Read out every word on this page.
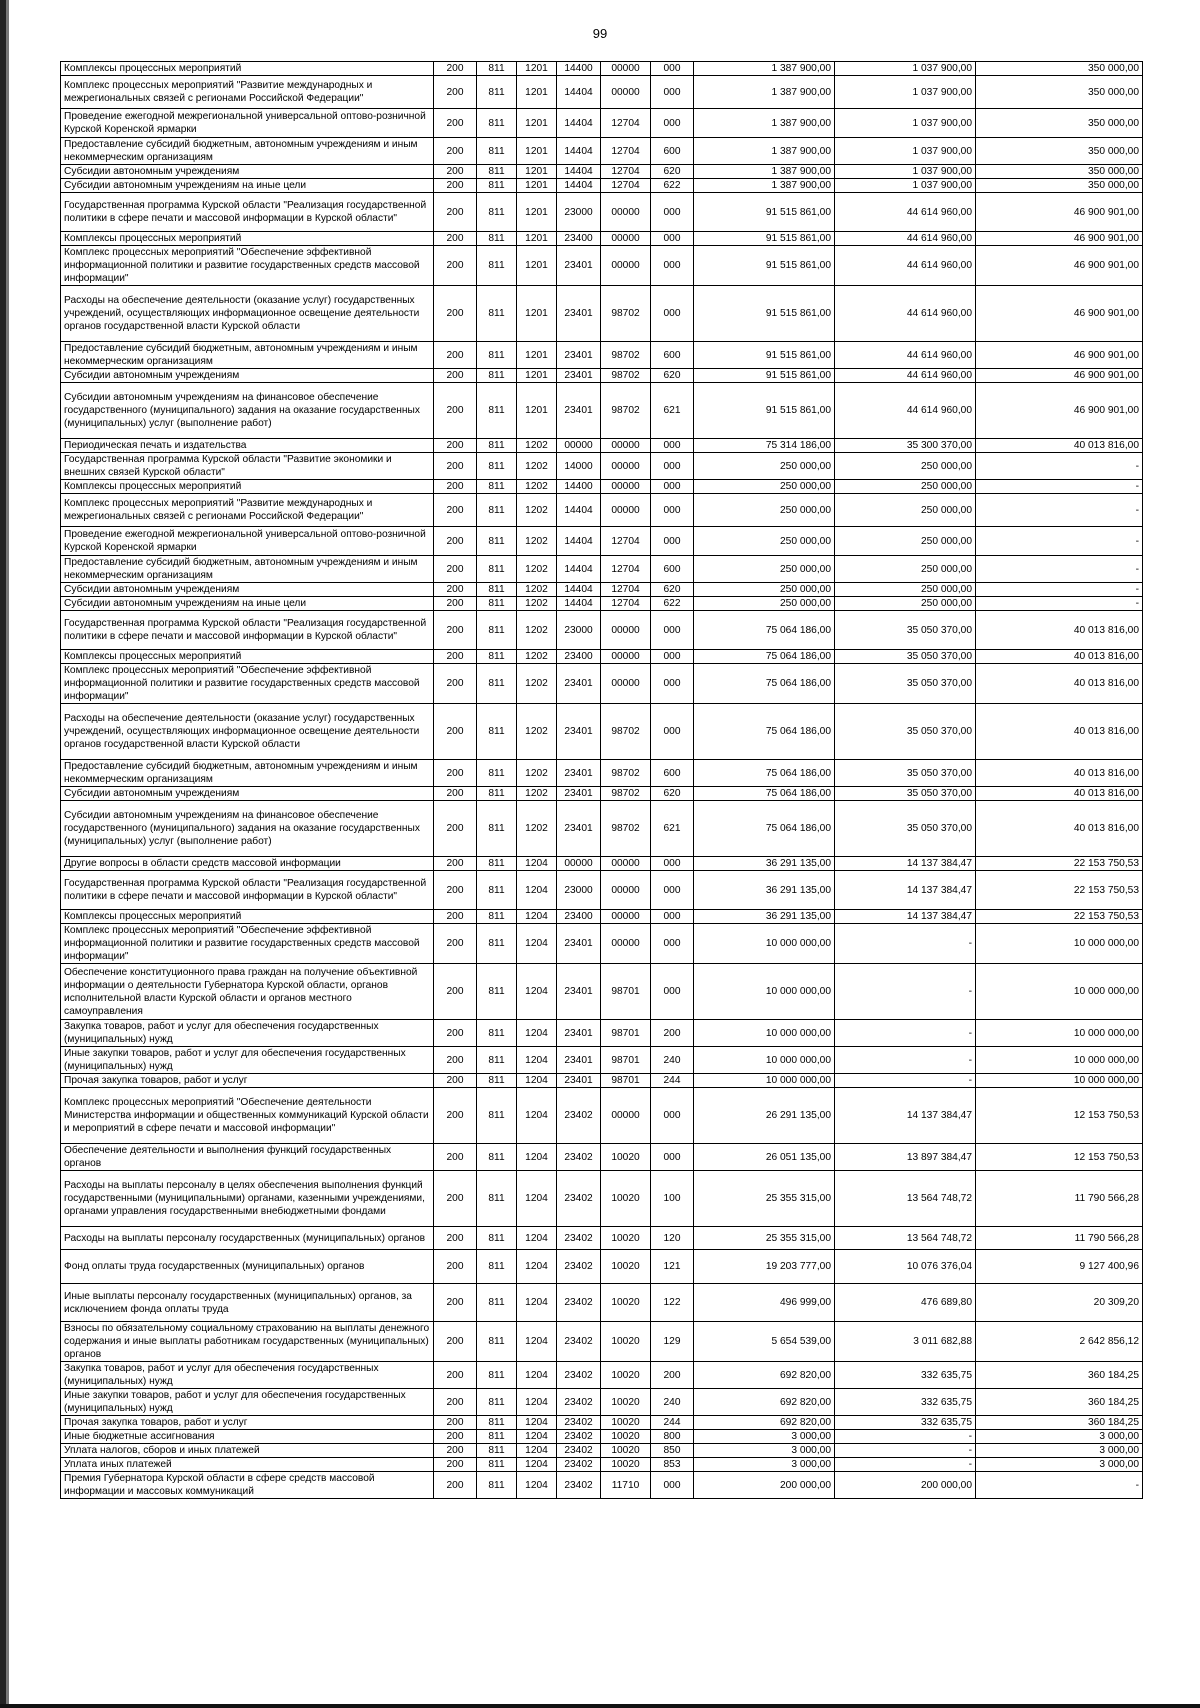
99
Комплексы процессных мероприятий	200	811	1201	14400	00000	000	1 387 900,00	1 037 900,00	350 000,00
Комплекс процессных мероприятий "Развитие международных и межрегиональных связей с регионами Российской Федерации"	200	811	1201	14404	00000	000	1 387 900,00	1 037 900,00	350 000,00
Проведение ежегодной межрегиональной универсальной оптово-розничной Курской Коренской ярмарки	200	811	1201	14404	12704	000	1 387 900,00	1 037 900,00	350 000,00
Предоставление субсидий бюджетным, автономным учреждениям и иным некоммерческим организациям	200	811	1201	14404	12704	600	1 387 900,00	1 037 900,00	350 000,00
Субсидии автономным учреждениям	200	811	1201	14404	12704	620	1 387 900,00	1 037 900,00	350 000,00
Субсидии автономным учреждениям на иные цели	200	811	1201	14404	12704	622	1 387 900,00	1 037 900,00	350 000,00
Государственная программа Курской области "Реализация государственной политики в сфере печати и массовой информации в Курской области"	200	811	1201	23000	00000	000	91 515 861,00	44 614 960,00	46 900 901,00
Комплексы процессных мероприятий	200	811	1201	23400	00000	000	91 515 861,00	44 614 960,00	46 900 901,00
Комплекс процессных мероприятий "Обеспечение эффективной информационной политики и развитие государственных средств массовой информации"	200	811	1201	23401	00000	000	91 515 861,00	44 614 960,00	46 900 901,00
Расходы на обеспечение деятельности (оказание услуг) государственных учреждений, осуществляющих информационное освещение деятельности органов государственной власти Курской области	200	811	1201	23401	98702	000	91 515 861,00	44 614 960,00	46 900 901,00
Предоставление субсидий бюджетным, автономным учреждениям и иным некоммерческим организациям	200	811	1201	23401	98702	600	91 515 861,00	44 614 960,00	46 900 901,00
Субсидии автономным учреждениям	200	811	1201	23401	98702	620	91 515 861,00	44 614 960,00	46 900 901,00
Субсидии автономным учреждениям на финансовое обеспечение государственного (муниципального) задания на оказание государственных (муниципальных) услуг (выполнение работ)	200	811	1201	23401	98702	621	91 515 861,00	44 614 960,00	46 900 901,00
Периодическая печать и издательства	200	811	1202	00000	00000	000	75 314 186,00	35 300 370,00	40 013 816,00
Государственная программа Курской области "Развитие экономики и внешних связей Курской области"	200	811	1202	14000	00000	000	250 000,00	250 000,00	-
Комплексы процессных мероприятий	200	811	1202	14400	00000	000	250 000,00	250 000,00	-
Комплекс процессных мероприятий "Развитие международных и межрегиональных связей с регионами Российской Федерации"	200	811	1202	14404	00000	000	250 000,00	250 000,00	-
Проведение ежегодной межрегиональной универсальной оптово-розничной Курской Коренской ярмарки	200	811	1202	14404	12704	000	250 000,00	250 000,00	-
Предоставление субсидий бюджетным, автономным учреждениям и иным некоммерческим организациям	200	811	1202	14404	12704	600	250 000,00	250 000,00	-
Субсидии автономным учреждениям	200	811	1202	14404	12704	620	250 000,00	250 000,00	-
Субсидии автономным учреждениям на иные цели	200	811	1202	14404	12704	622	250 000,00	250 000,00	-
Государственная программа Курской области "Реализация государственной политики в сфере печати и массовой информации в Курской области"	200	811	1202	23000	00000	000	75 064 186,00	35 050 370,00	40 013 816,00
Комплексы процессных мероприятий	200	811	1202	23400	00000	000	75 064 186,00	35 050 370,00	40 013 816,00
Комплекс процессных мероприятий "Обеспечение эффективной информационной политики и развитие государственных средств массовой информации"	200	811	1202	23401	00000	000	75 064 186,00	35 050 370,00	40 013 816,00
Расходы на обеспечение деятельности (оказание услуг) государственных учреждений, осуществляющих информационное освещение деятельности органов государственной власти Курской области	200	811	1202	23401	98702	000	75 064 186,00	35 050 370,00	40 013 816,00
Предоставление субсидий бюджетным, автономным учреждениям и иным некоммерческим организациям	200	811	1202	23401	98702	600	75 064 186,00	35 050 370,00	40 013 816,00
Субсидии автономным учреждениям	200	811	1202	23401	98702	620	75 064 186,00	35 050 370,00	40 013 816,00
Субсидии автономным учреждениям на финансовое обеспечение государственного (муниципального) задания на оказание государственных (муниципальных) услуг (выполнение работ)	200	811	1202	23401	98702	621	75 064 186,00	35 050 370,00	40 013 816,00
Другие вопросы в области средств массовой информации	200	811	1204	00000	00000	000	36 291 135,00	14 137 384,47	22 153 750,53
Государственная программа Курской области "Реализация государственной политики в сфере печати и массовой информации в Курской области"	200	811	1204	23000	00000	000	36 291 135,00	14 137 384,47	22 153 750,53
Комплексы процессных мероприятий	200	811	1204	23400	00000	000	36 291 135,00	14 137 384,47	22 153 750,53
Комплекс процессных мероприятий "Обеспечение эффективной информационной политики и развитие государственных средств массовой информации"	200	811	1204	23401	00000	000	10 000 000,00	-	10 000 000,00
Обеспечение конституционного права граждан на получение объективной информации о деятельности Губернатора Курской области, органов исполнительной власти Курской области и органов местного самоуправления	200	811	1204	23401	98701	000	10 000 000,00	-	10 000 000,00
Закупка товаров, работ и услуг для обеспечения государственных (муниципальных) нужд	200	811	1204	23401	98701	200	10 000 000,00	-	10 000 000,00
Иные закупки товаров, работ и услуг для обеспечения государственных (муниципальных) нужд	200	811	1204	23401	98701	240	10 000 000,00	-	10 000 000,00
Прочая закупка товаров, работ и услуг	200	811	1204	23401	98701	244	10 000 000,00	-	10 000 000,00
Комплекс процессных мероприятий "Обеспечение деятельности Министерства информации и общественных коммуникаций Курской области и мероприятий в сфере печати и массовой информации"	200	811	1204	23402	00000	000	26 291 135,00	14 137 384,47	12 153 750,53
Обеспечение деятельности и выполнения функций государственных органов	200	811	1204	23402	10020	000	26 051 135,00	13 897 384,47	12 153 750,53
Расходы на выплаты персоналу в целях обеспечения выполнения функций государственными (муниципальными) органами, казенными учреждениями, органами управления государственными внебюджетными фондами	200	811	1204	23402	10020	100	25 355 315,00	13 564 748,72	11 790 566,28
Расходы на выплаты персоналу государственных (муниципальных) органов	200	811	1204	23402	10020	120	25 355 315,00	13 564 748,72	11 790 566,28
Фонд оплаты труда государственных (муниципальных) органов	200	811	1204	23402	10020	121	19 203 777,00	10 076 376,04	9 127 400,96
Иные выплаты персоналу государственных (муниципальных) органов, за исключением фонда оплаты труда	200	811	1204	23402	10020	122	496 999,00	476 689,80	20 309,20
Взносы по обязательному социальному страхованию на выплаты денежного содержания и иные выплаты работникам государственных (муниципальных) органов	200	811	1204	23402	10020	129	5 654 539,00	3 011 682,88	2 642 856,12
Закупка товаров, работ и услуг для обеспечения государственных (муниципальных) нужд	200	811	1204	23402	10020	200	692 820,00	332 635,75	360 184,25
Иные закупки товаров, работ и услуг для обеспечения государственных (муниципальных) нужд	200	811	1204	23402	10020	240	692 820,00	332 635,75	360 184,25
Прочая закупка товаров, работ и услуг	200	811	1204	23402	10020	244	692 820,00	332 635,75	360 184,25
Иные бюджетные ассигнования	200	811	1204	23402	10020	800	3 000,00	-	3 000,00
Уплата налогов, сборов и иных платежей	200	811	1204	23402	10020	850	3 000,00	-	3 000,00
Уплата иных платежей	200	811	1204	23402	10020	853	3 000,00	-	3 000,00
Премия Губернатора Курской области в сфере средств массовой информации и массовых коммуникаций	200	811	1204	23402	11710	000	200 000,00	200 000,00	-
